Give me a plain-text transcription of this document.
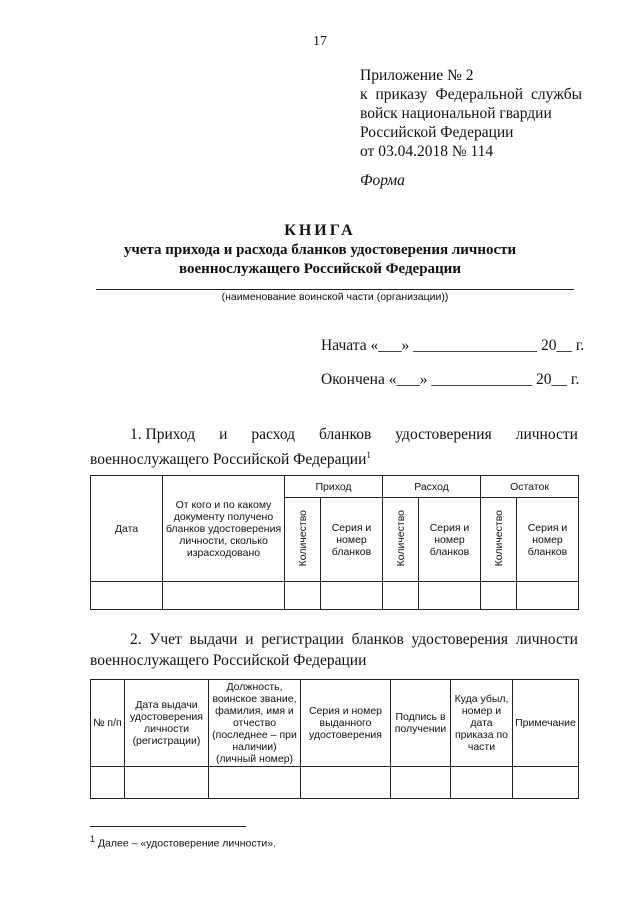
17
Приложение № 2
к приказу Федеральной службы
войск национальной гвардии
Российской Федерации
от 03.04.2018 № 114
Форма
КНИГА
учета прихода и расхода бланков удостоверения личности
военнослужащего Российской Федерации
(наименование воинской части (организации))
Начата «___» ________________ 20__ г.
Окончена «___» _____________ 20__ г.
1. Приход и расход бланков удостоверения личности
военнослужащего Российской Федерации$^1$
Дата	От кого и по какому документу получено бланков удостоверения личности, сколько израсходовано	Приход		Расход		Остаток	
		Количество	Серия и номер бланков	Количество	Серия и номер бланков	Количество	Серия и номер бланков

2. Учет выдачи и регистрации бланков удостоверения личности
военнослужащего Российской Федерации
№ п/п	Дата выдачи удостоверения личности (регистрации)	Должность, воинское звание, фамилия, имя и отчество (последнее – при наличии) (личный номер)	Серия и номер выданного удостоверения	Подпись в получении	Куда убыл, номер и дата приказа по части	Примечание

$^1$ Далее – «удостоверение личности».
